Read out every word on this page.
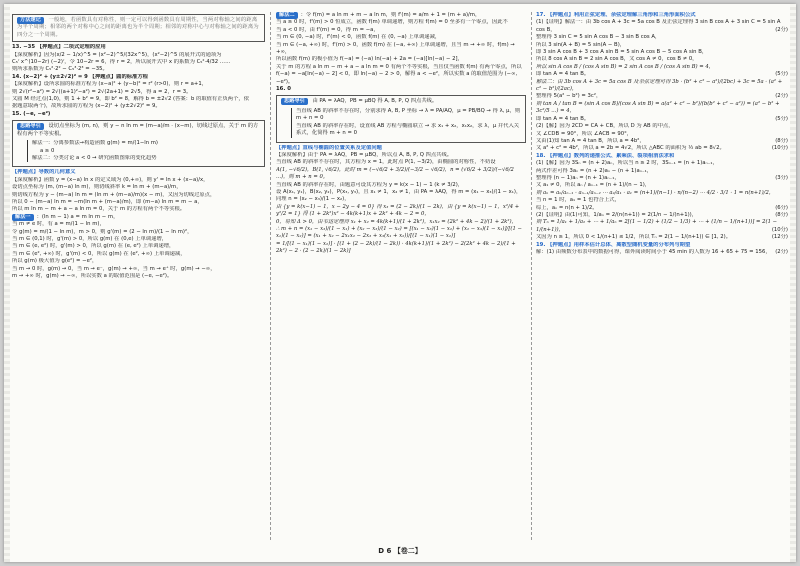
方法速记 一般地，若函数具有对称性，则一定可以得到函数具有周期性，当两对称轴之间的距离为半个周期；相邻的两个对称中心之间的距离也为半个周期；相邻的对称中心与对称轴之间的距离为四分之一个周期。

13. −35 【押题点】二项式定理的应用

【深度解析】因为(x/2 − 1/x)^5 = (x²−2)^5/(32x^5)，(x²−2)^5 的展开式的通项为

C₅ʳ x^(10−2r) (−2)ʳ，令 10−2r = 6，得 r = 2，所以展开式中 x 的系数为 C₅²·4/32 ……

则所求系数为 C₅²·2² − C₅³·2³ = −35。

14. (x−2)² + (y±2√2)² = 9 【押题点】圆的标准方程

【深度解析】设所求圆的标准方程为 (x−a)² + (y−b)² = r² (r>0)，则 r = a+1，

则 2√(r²−a²) = 2√((a+1)²−a²) = 2√(2a+1) = 2√5，得 a = 2，r = 3。

又圆 M 经过点(1,0)，则 1 + b² = 9，即 b² = 8，解得 b = ±2√2 (答案：b 的取值有正负两个，依

据题意取两个)，故所求圆的方程为 (x−2)² + (y±2√2)² = 9。

15. (−e, −e²)

思路导引 设切点坐标为 (m, n)，则 y − n ln m = (m−a)/m · (x−m)，切线过原点，关于 m 的方程有两个不等实根。

解法一：分离参数法→构造函数 g(m) = m/(1−ln m)

a ≥ 0

解法二：分类讨论 a < 0 → 研究函数图象的变化趋势

【押题点】导数的几何意义

【深度解析】函数 y = (x−a) ln x 的定义域为 (0,+∞)，则 y' = ln x + (x−a)/x，

设切点坐标为 (m, (m−a) ln m)，则切线斜率 k = ln m + (m−a)/m，

则切线方程为 y − (m−a) ln m = (ln m + (m−a)/m)(x − m)，又因为切线过原点，

所以 0 − (m−a) ln m = −m(ln m + (m−a)/m)，即 (m−a) ln m = m − a，

所以 m ln m − m + a − a ln m = 0，关于 m 的方程有两个不等实根。

解法一 ：(ln m − 1) a = m ln m − m，

当 m ≠ e 时，有 a = m/(1 − ln m)，

令 g(m) = m/(1 − ln m)，m > 0，则 g'(m) = (2 − ln m)/(1 − ln m)²，

当 m ∈ (0,1) 时，g'(m) > 0，所以 g(m) 在 (0,e) 上单调递增，

当 m ∈ (e, e²) 时，g'(m) > 0，所以 g(m) 在 (e, e²) 上单调递增，

当 m ∈ (e², +∞) 时，g'(m) < 0，所以 g(m) 在 (e², +∞) 上单调递减，

所以 g(m) 极大值为 g(e²) = −e²，

当 m → 0 时，g(m) → 0，当 m → e⁻，g(m) → +∞，当 m → e⁺ 时，g(m) → −∞，

m → +∞ 时，g(m) → −∞，所以实数 a 的取值范围是 (−e, −e²)。

解法二 ：令 f(m) = a ln m + m − a ln m，则 f'(m) = a/m + 1 = (m + a)/m，

当 a ≥ 0 时，f'(m) > 0 恒成立，函数 f(m) 单调递增，则方程 f(m) = 0 至多有一个零点，因此不

当 a < 0 时，由 f'(m) = 0，得 m = −a，

当 m ∈ (0, −a) 时，f'(m) < 0，函数 f(m) 在 (0, −a) 上单调递减，

当 m ∈ (−a, +∞) 时，f'(m) > 0，函数 f(m) 在 (−a, +∞) 上单调递增，且当 m → +∞ 时，f(m) → +∞，

所以函数 f(m) 的极小值为 f(−a) = (−a) ln(−a) + 2a = (−a)[ln(−a) − 2]，

关于 m 的方程 a ln m − m + a − a ln m = 0 有两个不等实根，当且仅当函数 f(m) 有两个零点，所以 f(−a) = −a[ln(−a) − 2] < 0，即 ln(−a) − 2 > 0，解得 a < −e²，所以实数 a 的取值范围为 (−∞, −e²)。

16. 0

思路导引 由 PA = λAQ，PB = μBQ 得 A, B, P, Q 四点共线。

当直线 AB 的斜率不存在时，分别求得 A, B, P 坐标 → λ = PA/AQ，μ = PB/BQ → 得 λ, μ，则 m + n = 0

当直线 AB 的斜率存在时，设直线 AB 方程与椭圆联立 → 求 x₁ + x₂，x₁x₂，求 λ，μ 并代入关系式，化简得 m + n = 0

【押题点】直线与椭圆的位置关系及定值问题

【深度解析】由于 PA = λAQ，PB = μBQ，所以点 A, B, P, Q 四点共线。

当直线 AB 的斜率不存在时，其方程为 x = 1，此时点 P(1, −3/2)，由椭圆的对称性，不妨设

A(1, −√6/2)，B(1, √6/2)，此时 m = (−√6/2 + 3/2)/(−3/2 − √6/2)，n = (√6/2 + 3/2)/(−√6/2 ...)，则 m + n = 0。

当直线 AB 的斜率存在时，由题意可设其方程为 y = k(x − 1) − 1 (k ≠ 3/2)，

设 A(x₁, y₁)，B(x₂, y₂)，P(x₃, y₃)，且 x₁ ≠ 1，x₂ ≠ 1，由 PA = λAQ，得 m = (x₁ − x₃)/(1 − x₁)，

同理 n = (x₂ − x₃)/(1 − x₂)，

由 {y = k(x−1) − 1，x − 2y − 4 = 0} 得 x₃ = (2 − 2k)/(1 − 2k)，由 {y = k(x−1) − 1，x²/4 + y²/2 = 1} 得 (1 + 2k²)x² − 4k(k+1)x + 2k² + 4k − 2 = 0，

0，易知 Δ > 0，由韦达定理得 x₁ + x₂ = 4k(k+1)/(1 + 2k²)，x₁x₂ = (2k² + 4k − 2)/(1 + 2k²)，

∴ m + n = (x₁ − x₃)/(1 − x₁) + (x₂ − x₃)/(1 − x₂) = [(x₁ − x₃)(1 − x₂) + (x₂ − x₃)(1 − x₁)]/[(1 − x₁)(1 − x₂)] = (x₁ + x₂ − 2x₁x₂ − 2x₃ + x₃(x₁ + x₂))/[(1 − x₁)(1 − x₂)]

= 1/[(1 − x₁)(1 − x₂)] · [(1 + (2 − 2k)/(1 − 2k)) · 4k(k+1)/(1 + 2k²) − 2(2k² + 4k − 2)/(1 + 2k²) − 2 · (2 − 2k)/(1 − 2k)]

17. 【押题点】利用正弦定理、余弦定理解三角形和三角形面积公式

(1)【证明】解法一：由 3b cos A + 3c = 5a cos B 及正弦定理得 3 sin B cos A + 3 sin C = 5 sin A cos B，	(2分)

整理得 3 sin C = 5 sin A cos B − 3 sin B cos A，

所以 3 sin(A + B) = 5 sin(A − B)，

即 3 sin A cos B + 3 cos A sin B = 5 sin A cos B − 5 cos A sin B，

所以 8 cos A sin B = 2 sin A cos B，又 cos A ≠ 0，cos B ≠ 0，

所以 sin A cos B / (cos A sin B) = 2 sin A cos B / (cos A sin B) = 4，

即 tan A = 4 tan B。	(5分)

解法二：由 3b cos A + 3c = 5a cos B 及余弦定理可得 3b · (b² + c² − a²)/(2bc) + 3c = 5a · (a² + c² − b²)/(2ac)，

整理得 5(a² − b²) = 3c²，	(2分)

则 tan A / tan B = (sin A cos B)/(cos A sin B) = a(a² + c² − b²)/(b(b² + c² − a²)) = (a² − b² + 3c²/5 ...) = 4，

即 tan A = 4 tan B。	(5分)

(2)【解】因为 2CD = CA + CB，所以 D 为 AB 的中点，

又 ∠CDB = 90°，所以 ∠ACB = 90°，

又由(1)知 tan A = 4 tan B，所以 a = 4b²，	(8分)

又 a² + c² = 4b²，所以 a = 2b = 4√2，所以 △ABC 的面积为 ½ ab = 8√2。	(10分)

18. 【押题点】数列的递推公式、累乘法、裂项相消法求和

(1)【解】因为 3Sₙ = (n + 2)aₙ，所以当 n ≥ 2 时，3Sₙ₋₁ = (n + 1)aₙ₋₁，

两式作差可得 3aₙ = (n + 2)aₙ − (n + 1)aₙ₋₁，

整理得 (n − 1)aₙ = (n + 1)aₙ₋₁，	(3分)

又 a₁ ≠ 0，所以 aₙ / aₙ₋₁ = (n + 1)/(n − 1)，

则 aₙ = aₙ/aₙ₋₁ · aₙ₋₁/aₙ₋₂ ⋯ a₂/a₁ · a₁ = (n+1)/(n−1) · n/(n−2) ⋯ 4/2 · 3/1 · 1 = n(n+1)/2，

当 n = 1 时，a₁ = 1 也符合上式，

综上，aₙ = n(n + 1)/2。	(6分)

(2)【证明】由(1)可知，1/aₙ = 2/(n(n+1)) = 2(1/n − 1/(n+1))，	(8分)

则 Tₙ = 1/a₁ + 1/a₂ + ⋯ + 1/aₙ = 2[(1 − 1/2) + (1/2 − 1/3) + ⋯ + (1/n − 1/(n+1))] = 2(1 − 1/(n+1))，	(10分)

又因为 n ≥ 1，所以 0 < 1/(n+1) ≤ 1/2，所以 Tₙ = 2(1 − 1/(n+1)) ∈ [1, 2)。	(12分)

19. 【押题点】用样本估计总体、离散型随机变量的分布列与期望

解：(1) 由频数分布表中的数据可得，课外阅读时间小于 45 min 的人数为 16 + 65 + 75 = 156， (2分)

D 6 【卷二】
